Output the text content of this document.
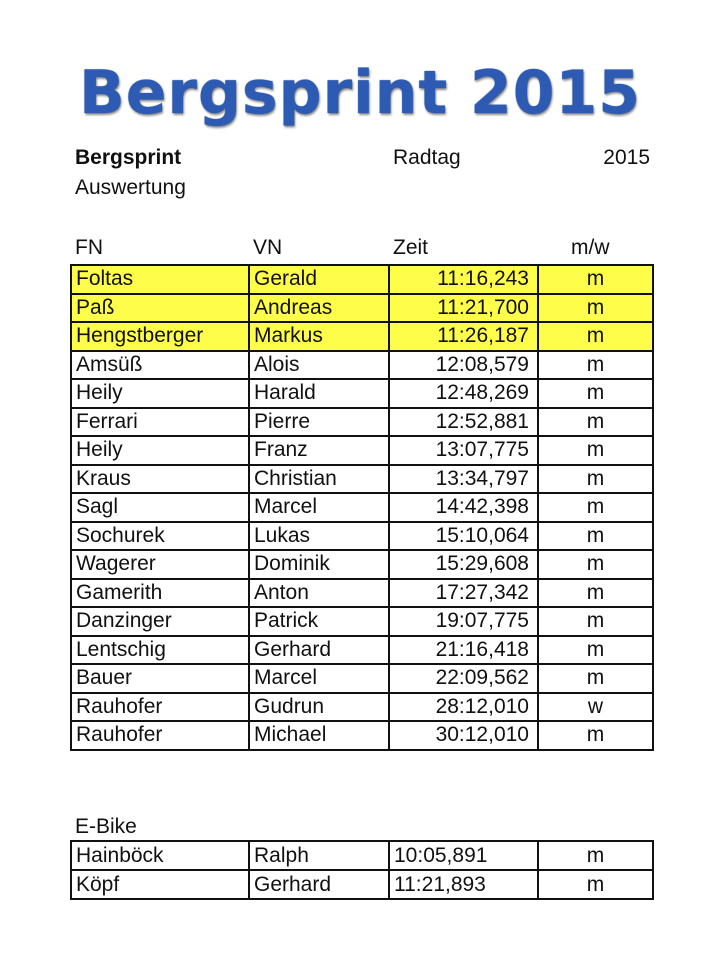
Bergsprint 2015
Bergsprint
Auswertung
Radtag	2015
FN	VN	Zeit	m/w
Foltas	Gerald	11:16,243	m
Paß	Andreas	11:21,700	m
Hengstberger	Markus	11:26,187	m
Amsüß	Alois	12:08,579	m
Heily	Harald	12:48,269	m
Ferrari	Pierre	12:52,881	m
Heily	Franz	13:07,775	m
Kraus	Christian	13:34,797	m
Sagl	Marcel	14:42,398	m
Sochurek	Lukas	15:10,064	m
Wagerer	Dominik	15:29,608	m
Gamerith	Anton	17:27,342	m
Danzinger	Patrick	19:07,775	m
Lentschig	Gerhard	21:16,418	m
Bauer	Marcel	22:09,562	m
Rauhofer	Gudrun	28:12,010	w
Rauhofer	Michael	30:12,010	m
E-Bike
Hainböck	Ralph	10:05,891	m
Köpf	Gerhard	11:21,893	m
